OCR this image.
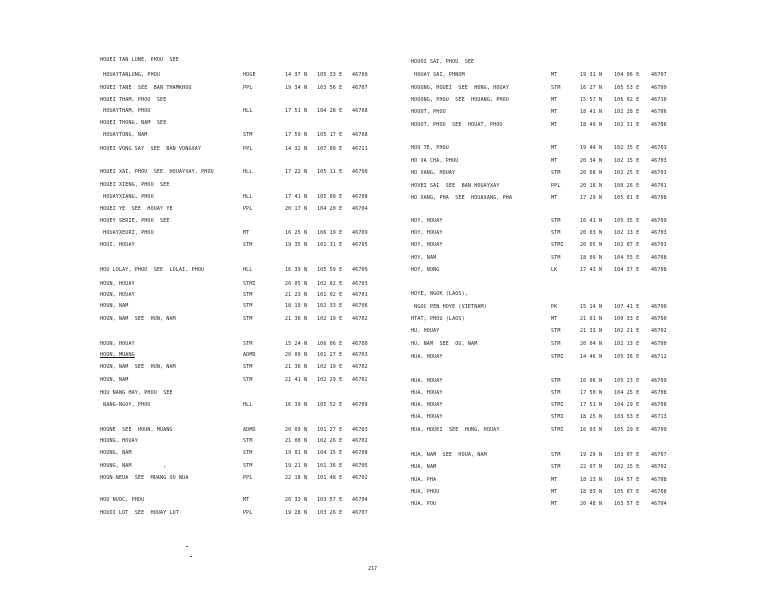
HOUEI TAN LUNE, PHOU  SEE
HOUAYTANLUNG, PHOU	HOGE	14 37 N 105 33 E 46700
HOUEI TANE  SEE  BAN THAMKHOU	PPL	19 34 N 103 56 E 46707
HOUEI THAM, PHOU  SEE
HOUAYTHAM, PHOU	HLL	17 51 N 104 28 E 46708
HOUEI THONG, NAM  SEE
HOUAYTONG, NAM	STM	17 59 N 105 17 E 46708
HOUEI VONG SAY  SEE  BAN VONGXAY	PPL	14 32 N 107 09 E 46711
HOUEI XAI, PHOU  SEE  HOUAYXAY, PHOU	HLL	17 22 N 105 11 E 46708
HOUEI XIENG, PHOU  SEE
HOUAYXIANG, PHOU	HLL	17 41 N 105 09 E 46708
HOUEI YE  SEE  HOUAY YE	PPL	20 17 N 104 20 E 46704
HOUEY SERIE, PHOU  SEE
HOUAYXEURI, PHOU	MT	16 25 N 106 19 E 46709
HOUI, HOUAY	STM	19 35 N 101 31 E 46705
HOU LOLAY, PHOU  SEE  LOLAI, PHOU	HLL	16 39 N 105 59 E 46709
HOUN, HOUAY	STMI	20 05 N 102 02 E 46703
HOUN, HOUAY	STM	21 23 N 101 02 E 46701
HOUN, NAM	STM	18 19 N 102 33 E 46706
HOUN, NAM  SEE  HUN, NAM	STM	21 36 N 102 19 E 46702
HOUN, HOUAY	STM	15 24 N 106 06 E 46700
HOUN, MUANG	ADMD	20 09 N 101 27 E 46703
HOUN, NAM  SEE  HUN, NAM	STM	21 36 N 102 19 E 46702
HOUN, NAM	STM	21 41 N 102 29 E 46702
HOU NANG HAY, PHOU  SEE
NANG-NGOY, PHOU	HLL	16 39 N 105 52 E 46709
HOUNE  SEE  HOUN, MUANG	ADMD	20 09 N 101 27 E 46703
HOUNG, HOUAY	STM	21 00 N 102 26 E 46702
HOUNG, NAM	STM	19 01 N 104 15 E 46708
HOUNG, NAM          ,	STM	19 21 N 101 36 E 46705
HOUN-NEUA  SEE  MUANG OU NUA	PPL	22 18 N 101 48 E 46702
HOU NUOC, PHOU	MT	20 33 N 103 57 E 46704
HOUOI LOT  SEE  HOUAY LOT	PPL	19 28 N 103 26 E 46707
HOUOI SAI, PHOU  SEE
HOUAY SAI, PHNOM	MT	19 31 N 104 06 E 46707
HOUONG, HOUEI  SEE  HONG, HOUAY	STM	16 27 N 105 53 E 46709
HOUONG, PHOU  SEE  HOUANG, PHOU	MT	15 57 N 106 02 E 46710
HOUOT, PHOU	MT	18 41 N 102 28 E 46706
HOUOT, PHOU  SEE  HOUAT, PHOU	MT	18 49 N 102 31 E 46706
HOU TE, PHOU	MT	19 44 N 102 35 E 46703
HO VA CHA, PHOU	MT	20 34 N 102 15 E 46703
HO VANG, HOUAY	STM	20 08 N 102 25 E 46703
HOVEI SAI  SEE  BAN HOUAYXAY	PPL	20 18 N 100 26 E 46701
HO XANG, PHA  SEE  HOUAXANG, PHA	MT	17 29 N 105 01 E 46708
HOY, HOUAY	STM	16 41 N 105 35 E 46709
HOY, HOUAY	STM	20 03 N 102 13 E 46703
HOY, HOUAY	STMI	20 05 N 102 07 E 46703
HOY, NAM	STM	18 09 N 104 55 E 46708
HOY, NONG	LK	17 43 N 104 37 E 46708
HOYE, NGOK (LAOS),
NGOC PEN HOYE (VIETNAM)	PK	15 14 N 107 41 E 46700
HTAT, PHOU (LAOS)	MT	21 01 N 100 33 E 46700
HU, HOUAY	STM	21 33 N 102 21 E 46702
HU, NAM  SEE  OU, NAM	STM	20 04 N 102 13 E 46700
HUA, HOUAY	STMI	14 46 N 105 36 E 46712
HUA, HOUAY	STM	16 06 N 105 23 E 46709
HUA, HOUAY	STM	17 50 N 104 25 E 46708
HUA, HOUAY	STMI	17 51 N 104 29 E 46708
HUA, HOUAY	STMI	18 25 N 103 53 E 46713
HUA, HOUEI  SEE  HUNG, HOUAY	STMI	16 03 N 105 29 E 46709
HUA, NAM  SEE  HOUA, NAM	STM	19 29 N 103 07 E 46707
HUA, NAM	STM	22 07 N 102 15 E 46702
HUA, PHA	MT	18 13 N 104 57 E 46708
HUA, PHOU	MT	18 03 N 105 07 E 46708
HUA, POU	MT	20 48 N 103 57 E 46704
217
